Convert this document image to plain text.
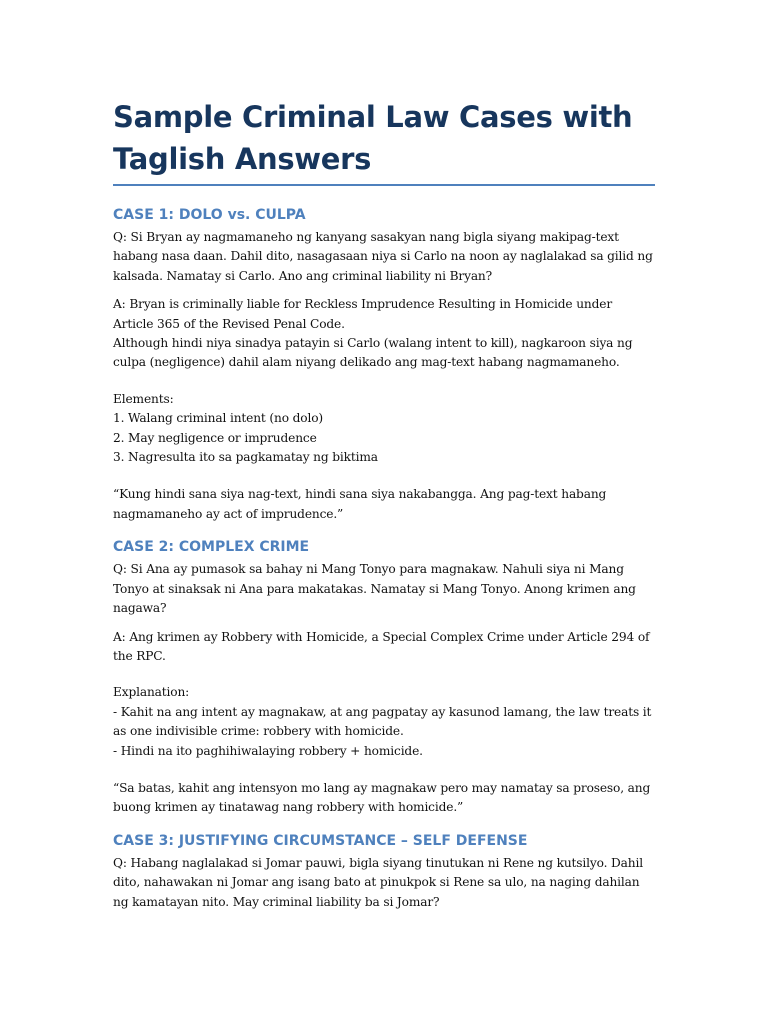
Sample Criminal Law Cases with Taglish Answers
CASE 1: DOLO vs. CULPA

Q: Si Bryan ay nagmamaneho ng kanyang sasakyan nang bigla siyang makipag-text habang nasa daan. Dahil dito, nasagasaan niya si Carlo na noon ay naglalakad sa gilid ng kalsada. Namatay si Carlo. Ano ang criminal liability ni Bryan?

A: Bryan is criminally liable for Reckless Imprudence Resulting in Homicide under Article 365 of the Revised Penal Code.
Although hindi niya sinadya patayin si Carlo (walang intent to kill), nagkaroon siya ng culpa (negligence) dahil alam niyang delikado ang mag-text habang nagmamaneho.

Elements:
1. Walang criminal intent (no dolo)
2. May negligence or imprudence
3. Nagresulta ito sa pagkamatay ng biktima

“Kung hindi sana siya nag-text, hindi sana siya nakabangga. Ang pag-text habang nagmamaneho ay act of imprudence.”

CASE 2: COMPLEX CRIME

Q: Si Ana ay pumasok sa bahay ni Mang Tonyo para magnakaw. Nahuli siya ni Mang Tonyo at sinaksak ni Ana para makatakas. Namatay si Mang Tonyo. Anong krimen ang nagawa?

A: Ang krimen ay Robbery with Homicide, a Special Complex Crime under Article 294 of the RPC.

Explanation:
- Kahit na ang intent ay magnakaw, at ang pagpatay ay kasunod lamang, the law treats it as one indivisible crime: robbery with homicide.
- Hindi na ito paghihiwalaying robbery + homicide.

“Sa batas, kahit ang intensyon mo lang ay magnakaw pero may namatay sa proseso, ang buong krimen ay tinatawag nang robbery with homicide.”

CASE 3: JUSTIFYING CIRCUMSTANCE – SELF DEFENSE

Q: Habang naglalakad si Jomar pauwi, bigla siyang tinutukan ni Rene ng kutsilyo. Dahil dito, nahawakan ni Jomar ang isang bato at pinukpok si Rene sa ulo, na naging dahilan ng kamatayan nito. May criminal liability ba si Jomar?
